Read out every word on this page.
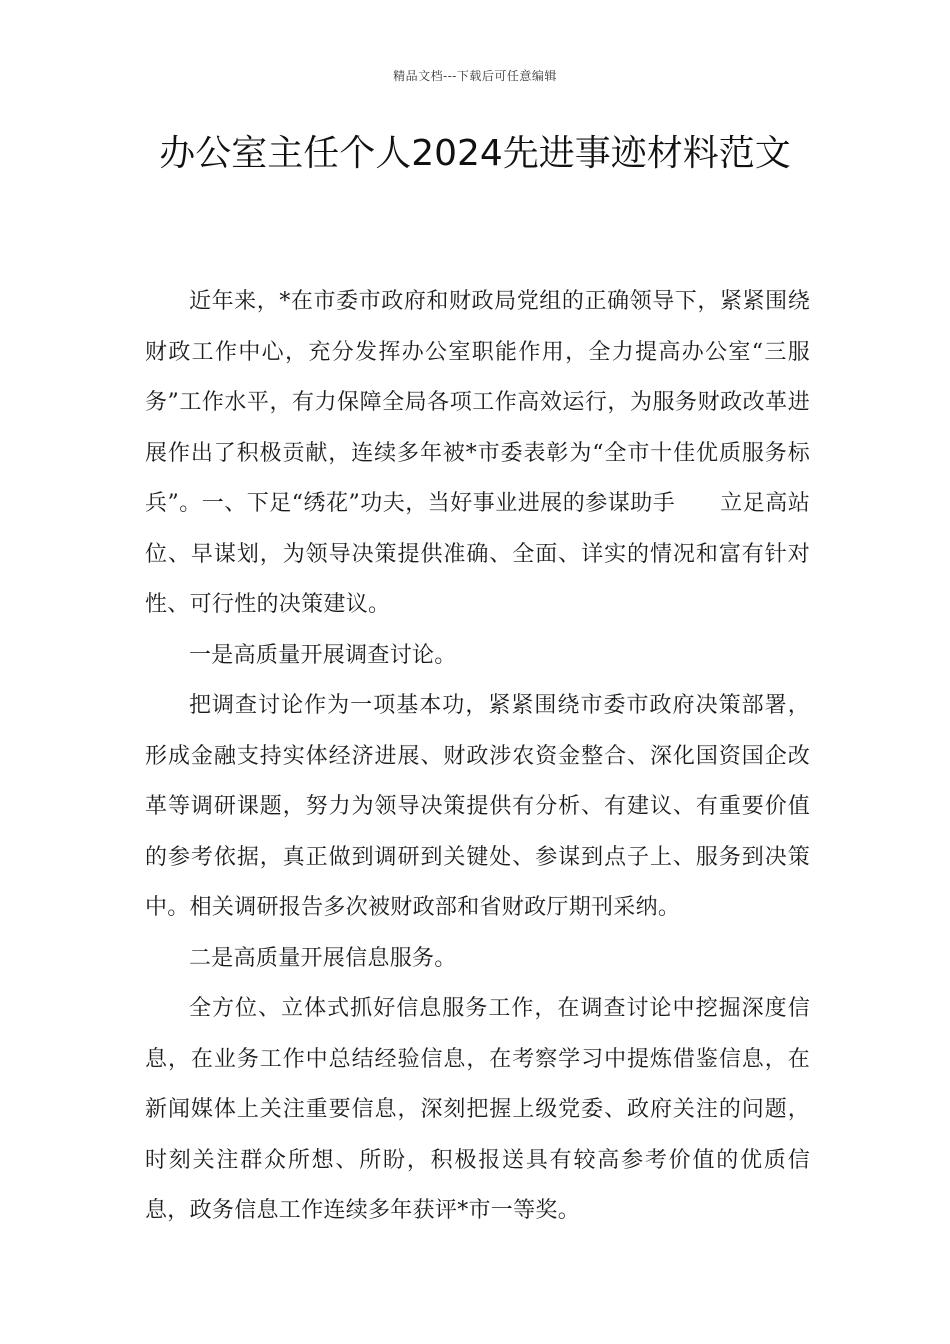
精品文档---下载后可任意编辑
办公室主任个人2024先进事迹材料范文

近年来，*在市委市政府和财政局党组的正确领导下，紧紧围绕财政工作中心，充分发挥办公室职能作用，全力提高办公室“三服务”工作水平，有力保障全局各项工作高效运行，为服务财政改革进展作出了积极贡献，连续多年被*市委表彰为“全市十佳优质服务标兵”。一、下足“绣花”功夫，当好事业进展的参谋助手　　立足高站位、早谋划，为领导决策提供准确、全面、详实的情况和富有针对性、可行性的决策建议。

一是高质量开展调查讨论。

把调查讨论作为一项基本功，紧紧围绕市委市政府决策部署，形成金融支持实体经济进展、财政涉农资金整合、深化国资国企改革等调研课题，努力为领导决策提供有分析、有建议、有重要价值的参考依据，真正做到调研到关键处、参谋到点子上、服务到决策中。相关调研报告多次被财政部和省财政厅期刊采纳。

二是高质量开展信息服务。

全方位、立体式抓好信息服务工作，在调查讨论中挖掘深度信息，在业务工作中总结经验信息，在考察学习中提炼借鉴信息，在新闻媒体上关注重要信息，深刻把握上级党委、政府关注的问题，时刻关注群众所想、所盼，积极报送具有较高参考价值的优质信息，政务信息工作连续多年获评*市一等奖。
